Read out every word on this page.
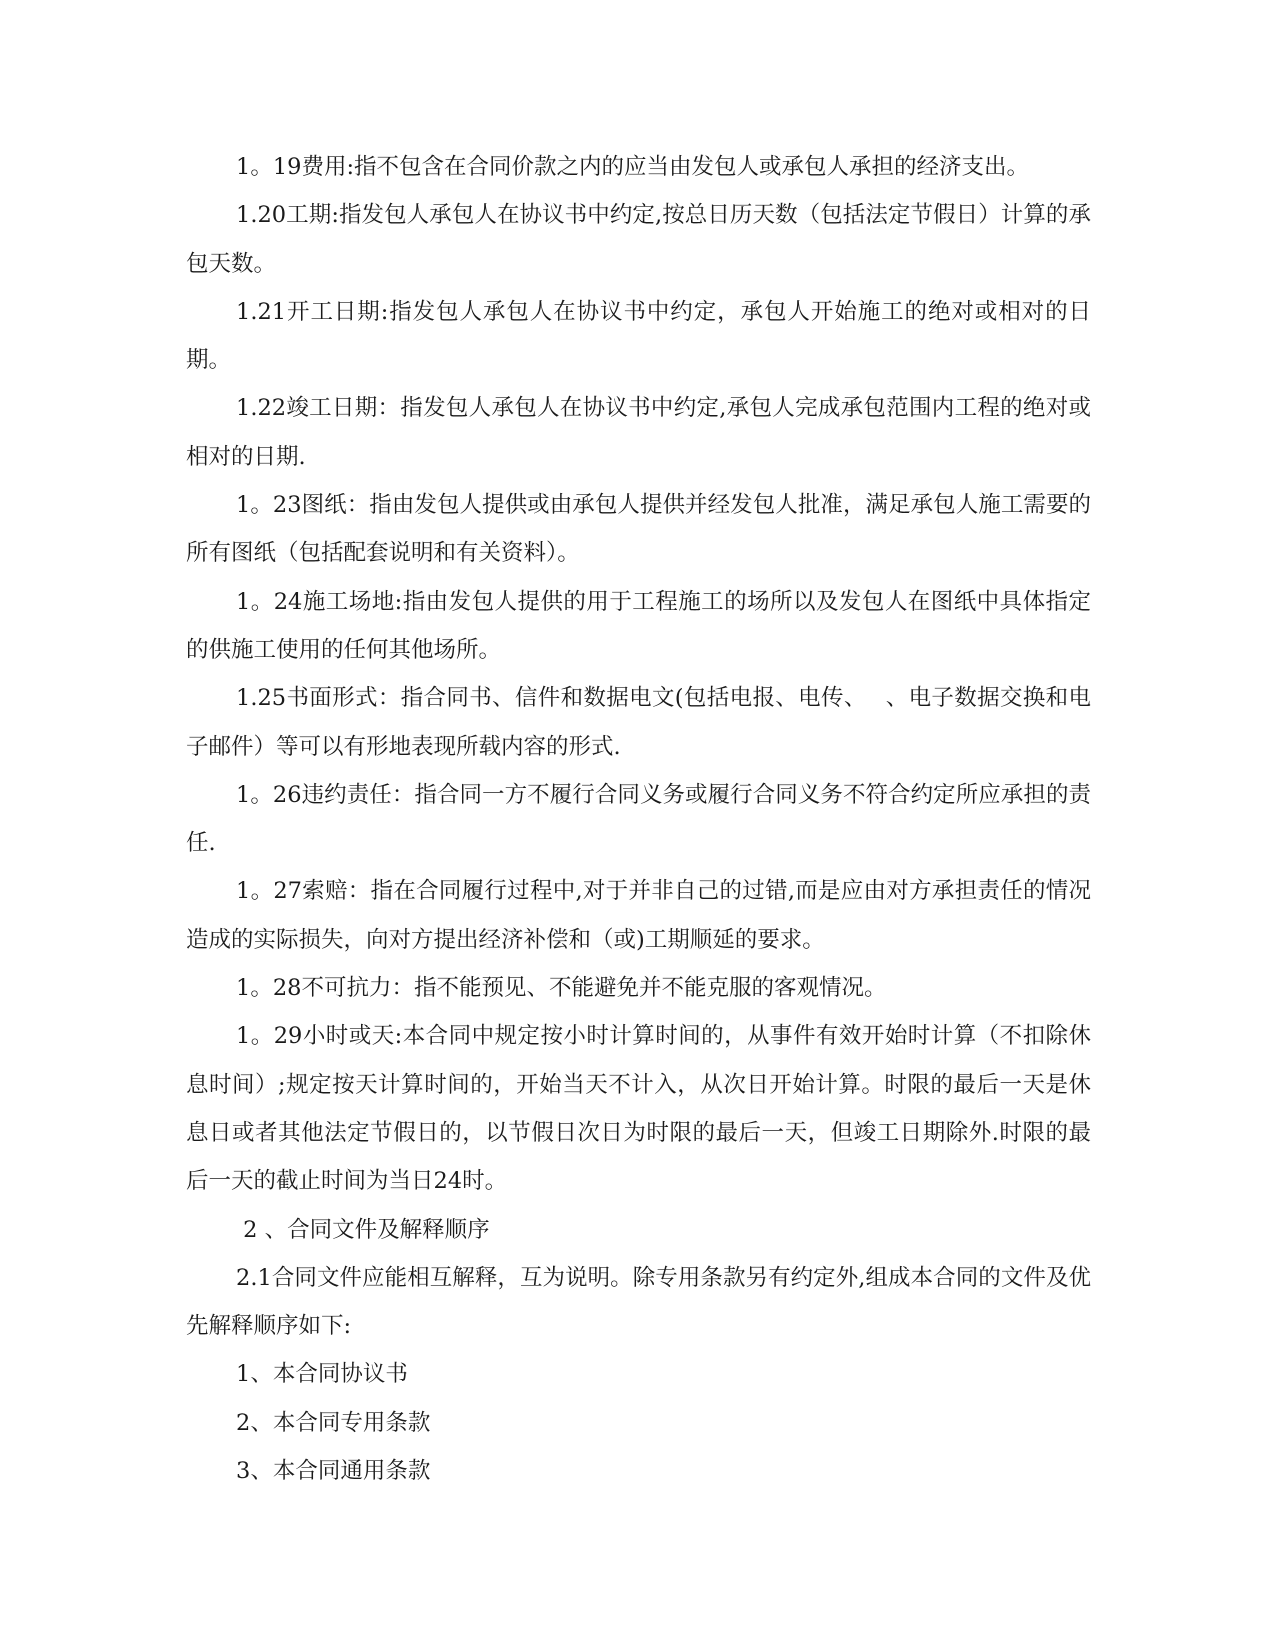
1。19费用:指不包含在合同价款之内的应当由发包人或承包人承担的经济支出。

1.20工期:指发包人承包人在协议书中约定,按总日历天数（包括法定节假日）计算的承包天数。

1.21开工日期:指发包人承包人在协议书中约定，承包人开始施工的绝对或相对的日期。

1.22竣工日期：指发包人承包人在协议书中约定,承包人完成承包范围内工程的绝对或相对的日期.

1。23图纸：指由发包人提供或由承包人提供并经发包人批准，满足承包人施工需要的所有图纸（包括配套说明和有关资料）。

1。24施工场地:指由发包人提供的用于工程施工的场所以及发包人在图纸中具体指定的供施工使用的任何其他场所。

1.25书面形式：指合同书、信件和数据电文(包括电报、电传、　 、电子数据交换和电子邮件）等可以有形地表现所载内容的形式.

1。26违约责任：指合同一方不履行合同义务或履行合同义务不符合约定所应承担的责任.

1。27索赔：指在合同履行过程中,对于并非自己的过错,而是应由对方承担责任的情况造成的实际损失，向对方提出经济补偿和（或)工期顺延的要求。

1。28不可抗力：指不能预见、不能避免并不能克服的客观情况。

1。29小时或天:本合同中规定按小时计算时间的，从事件有效开始时计算（不扣除休息时间）;规定按天计算时间的，开始当天不计入，从次日开始计算。时限的最后一天是休息日或者其他法定节假日的，以节假日次日为时限的最后一天，但竣工日期除外.时限的最后一天的截止时间为当日24时。

2 、合同文件及解释顺序

2.1合同文件应能相互解释，互为说明。除专用条款另有约定外,组成本合同的文件及优先解释顺序如下:

1、本合同协议书

2、本合同专用条款

3、本合同通用条款
